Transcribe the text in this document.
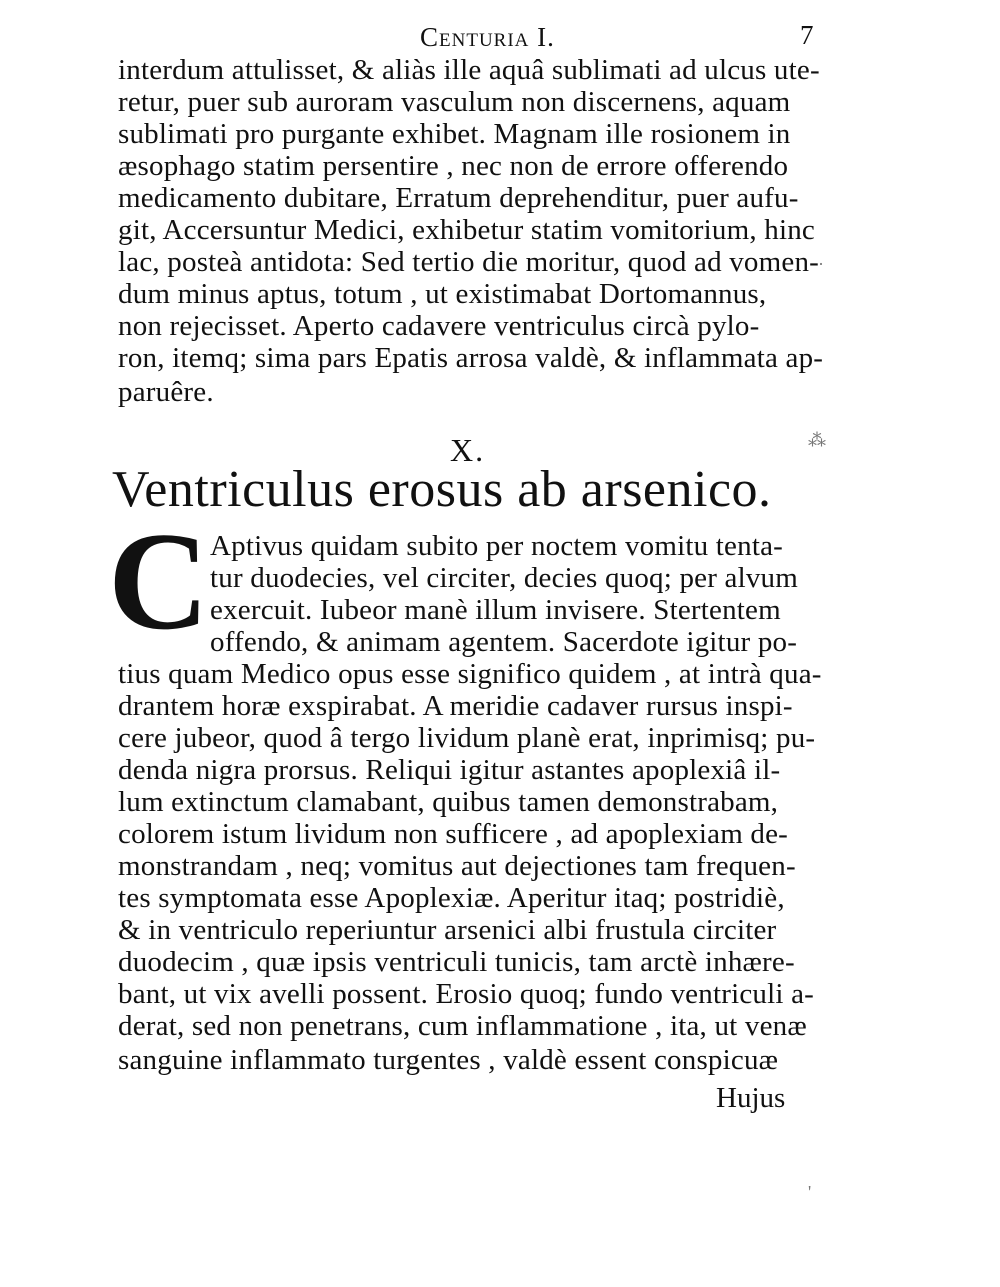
Centuria I.	7
interdum attulisset, & aliàs ille aquâ sublimati ad ulcus ute-
retur, puer sub auroram vasculum non discernens, aquam
sublimati pro purgante exhibet. Magnam ille rosionem in
æsophago statim persentire , nec non de errore offerendo
medicamento dubitare, Erratum deprehenditur, puer aufu-
git, Accersuntur Medici, exhibetur statim vomitorium, hinc
lac, posteà antidota: Sed tertio die moritur, quod ad vomen-
dum minus aptus, totum , ut existimabat Dortomannus,
non rejecisset. Aperto cadavere ventriculus circà pylo-
ron, itemq; sima pars Epatis arrosa valdè, & inflammata ap-
paruêre.
X.
Ventriculus erosus ab arsenico.
C Aptivus quidam subito per noctem vomitu tenta-
tur duodecies, vel circiter, decies quoq; per alvum
exercuit. Iubeor manè illum invisere. Stertentem
offendo, & animam agentem. Sacerdote igitur po-
tius quam Medico opus esse significo quidem , at intrà qua-
drantem horæ exspirabat. A meridie cadaver rursus inspi-
cere jubeor, quod â tergo lividum planè erat, inprimisq; pu-
denda nigra prorsus. Reliqui igitur astantes apoplexiâ il-
lum extinctum clamabant, quibus tamen demonstrabam,
colorem istum lividum non sufficere , ad apoplexiam de-
monstrandam , neq; vomitus aut dejectiones tam frequen-
tes symptomata esse Apoplexiæ. Aperitur itaq; postridiè,
& in ventriculo reperiuntur arsenici albi frustula circiter
duodecim , quæ ipsis ventriculi tunicis, tam arctè inhære-
bant, ut vix avelli possent. Erosio quoq; fundo ventriculi a-
derat, sed non penetrans, cum inflammatione , ita, ut venæ
sanguine inflammato turgentes , valdè essent conspicuæ
Hujus
⁂
·
'
